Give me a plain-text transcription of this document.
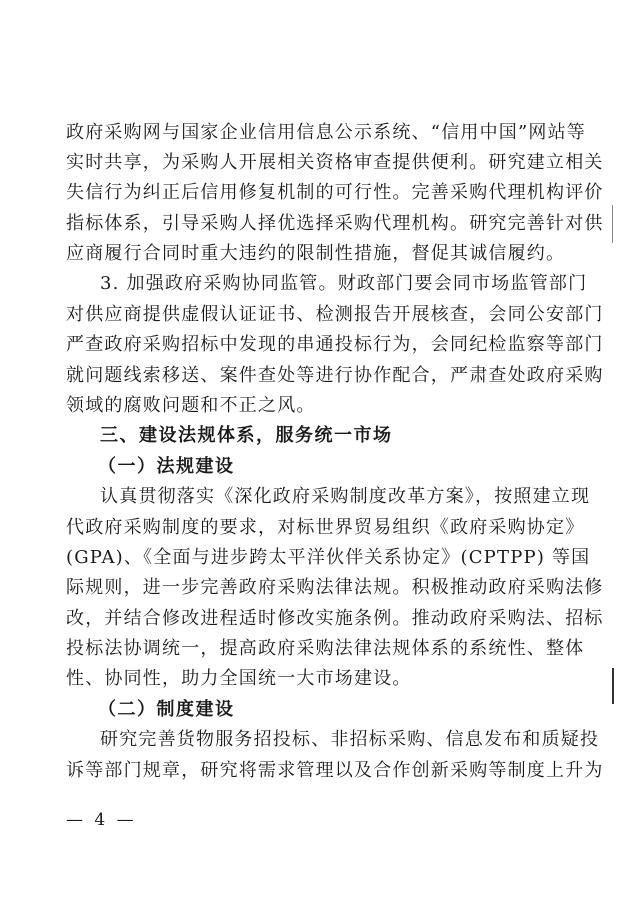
政府采购网与国家企业信用信息公示系统、“信用中国”网站等
实时共享，为采购人开展相关资格审查提供便利。研究建立相关
失信行为纠正后信用修复机制的可行性。完善采购代理机构评价
指标体系，引导采购人择优选择采购代理机构。研究完善针对供
应商履行合同时重大违约的限制性措施，督促其诚信履约。
3. 加强政府采购协同监管。财政部门要会同市场监管部门
对供应商提供虚假认证证书、检测报告开展核查，会同公安部门
严查政府采购招标中发现的串通投标行为，会同纪检监察等部门
就问题线索移送、案件查处等进行协作配合，严肃查处政府采购
领域的腐败问题和不正之风。
三、建设法规体系，服务统一市场
（一）法规建设
认真贯彻落实《深化政府采购制度改革方案》，按照建立现
代政府采购制度的要求，对标世界贸易组织《政府采购协定》
(GPA)、《全面与进步跨太平洋伙伴关系协定》(CPTPP) 等国
际规则，进一步完善政府采购法律法规。积极推动政府采购法修
改，并结合修改进程适时修改实施条例。推动政府采购法、招标
投标法协调统一，提高政府采购法律法规体系的系统性、整体
性、协同性，助力全国统一大市场建设。
（二）制度建设
研究完善货物服务招投标、非招标采购、信息发布和质疑投
诉等部门规章，研究将需求管理以及合作创新采购等制度上升为
— 4 —
